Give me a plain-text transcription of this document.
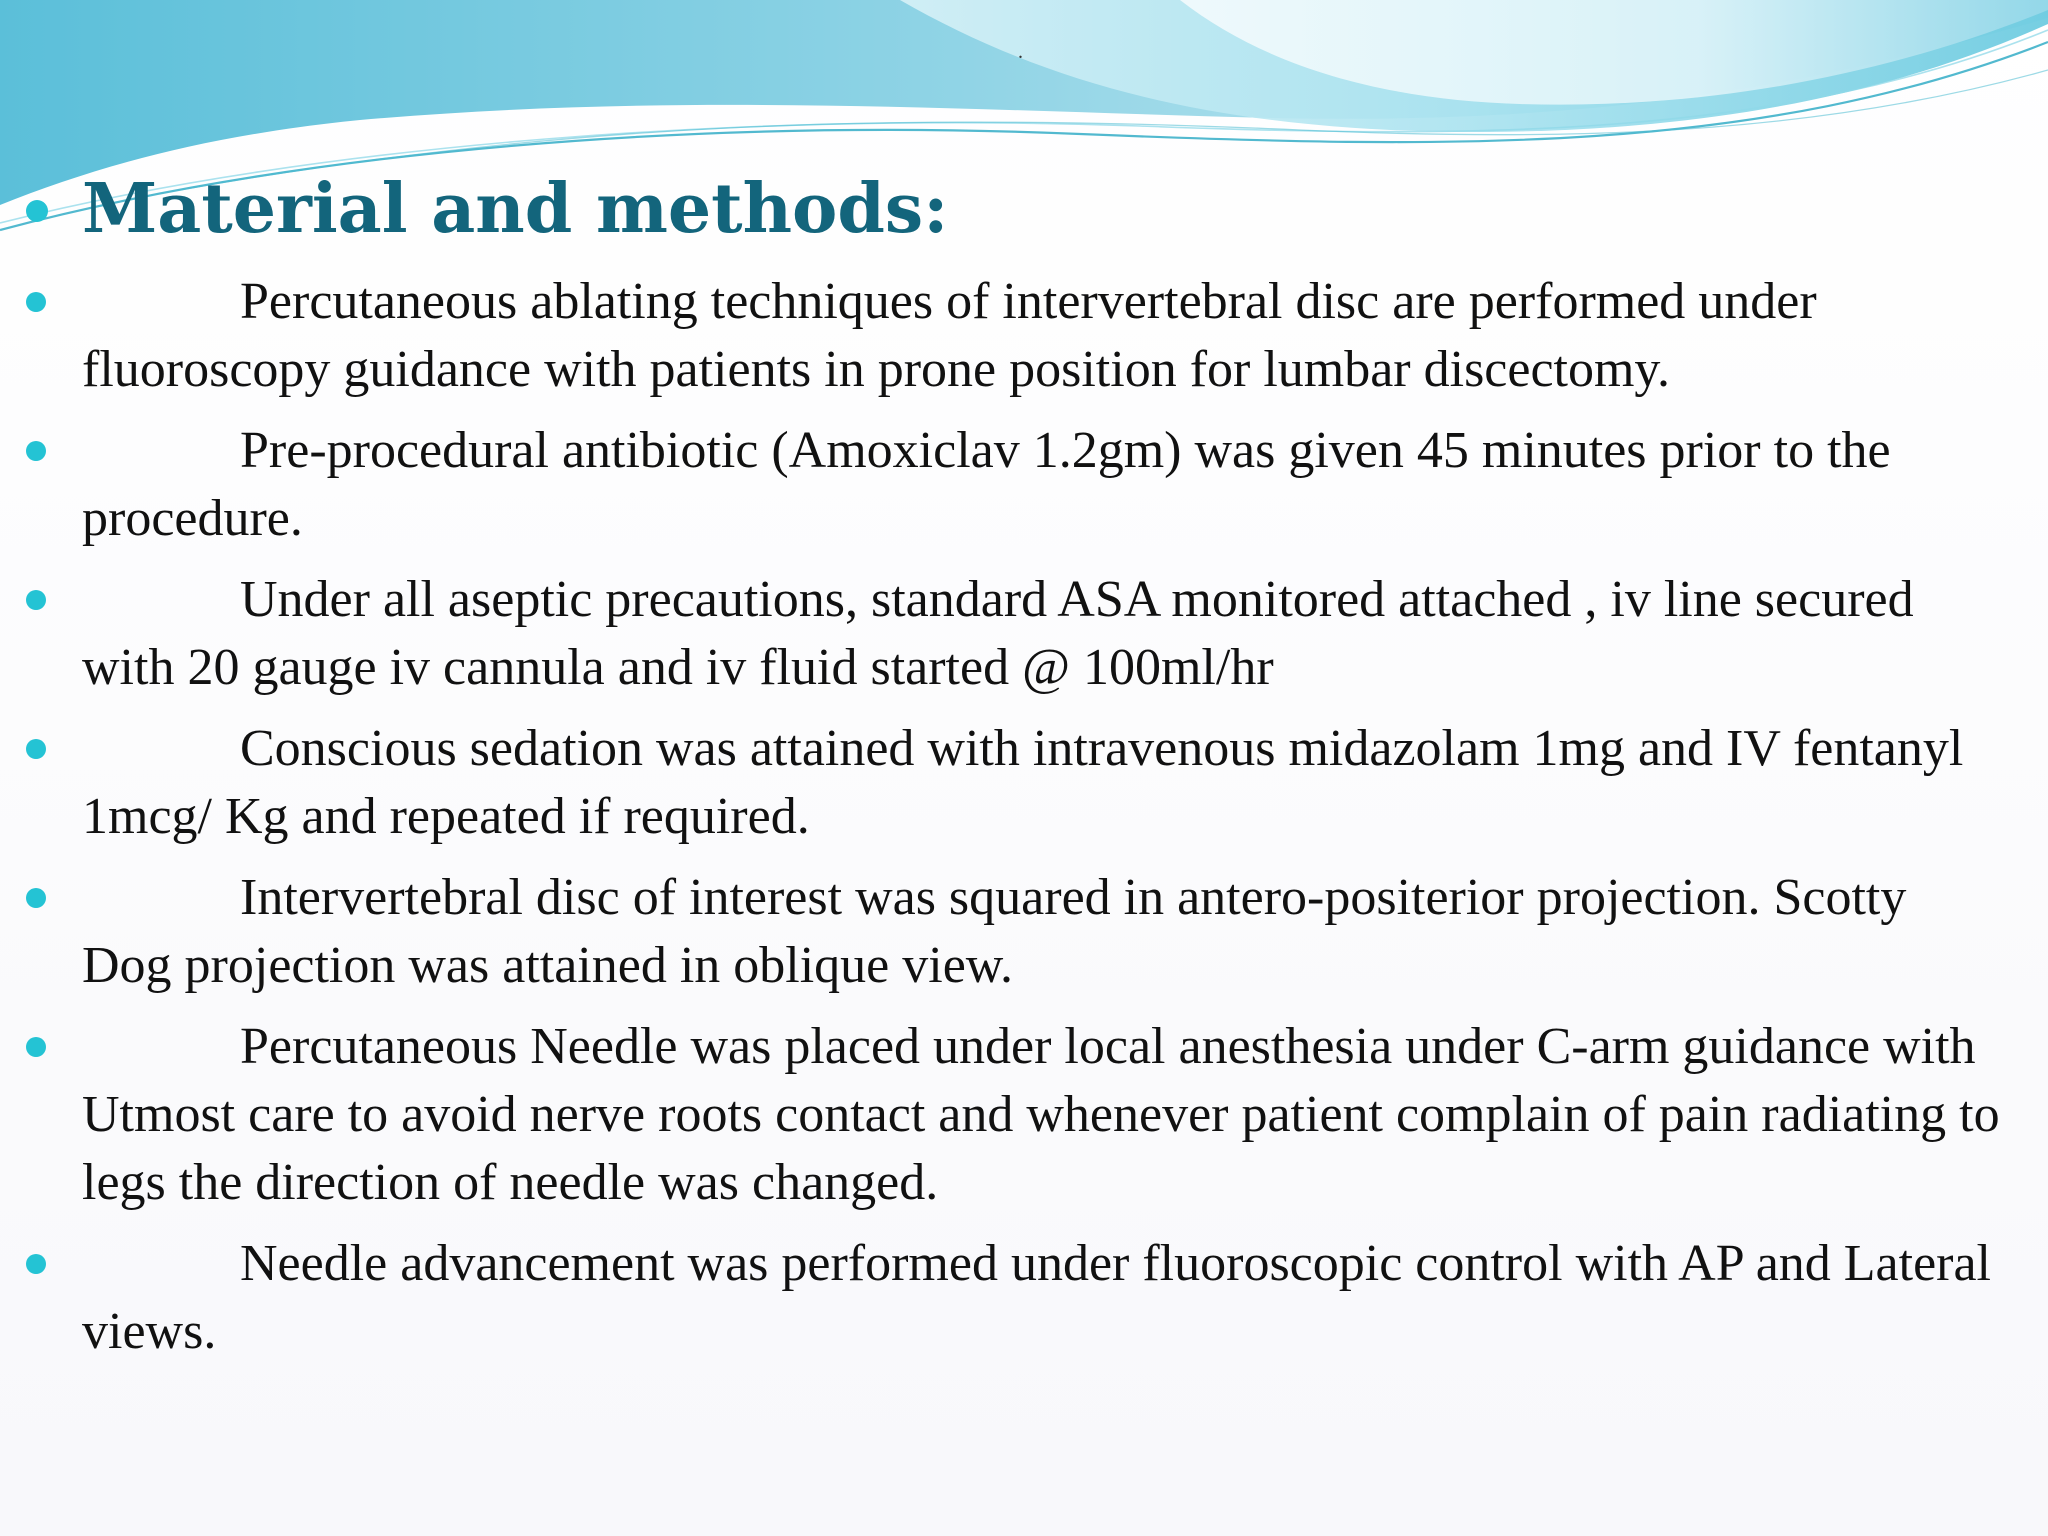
.
Material and methods:
Percutaneous ablating techniques of intervertebral disc are performed under fluoroscopy guidance with patients in prone position for lumbar discectomy.
Pre-procedural antibiotic (Amoxiclav 1.2gm) was given 45 minutes prior to the procedure.
Under all aseptic precautions, standard ASA monitored attached , iv line secured with 20 gauge iv cannula and iv fluid started @ 100ml/hr
Conscious sedation was attained with intravenous midazolam 1mg and IV fentanyl 1mcg/ Kg and repeated if required.
Intervertebral disc of interest was squared in antero-positerior projection. Scotty Dog projection was attained in oblique view.
Percutaneous Needle was placed under local anesthesia under C-arm guidance with Utmost care to avoid nerve roots contact and whenever patient complain of pain radiating to legs the direction of needle was changed.
Needle advancement was performed under fluoroscopic control with AP and Lateral views.
